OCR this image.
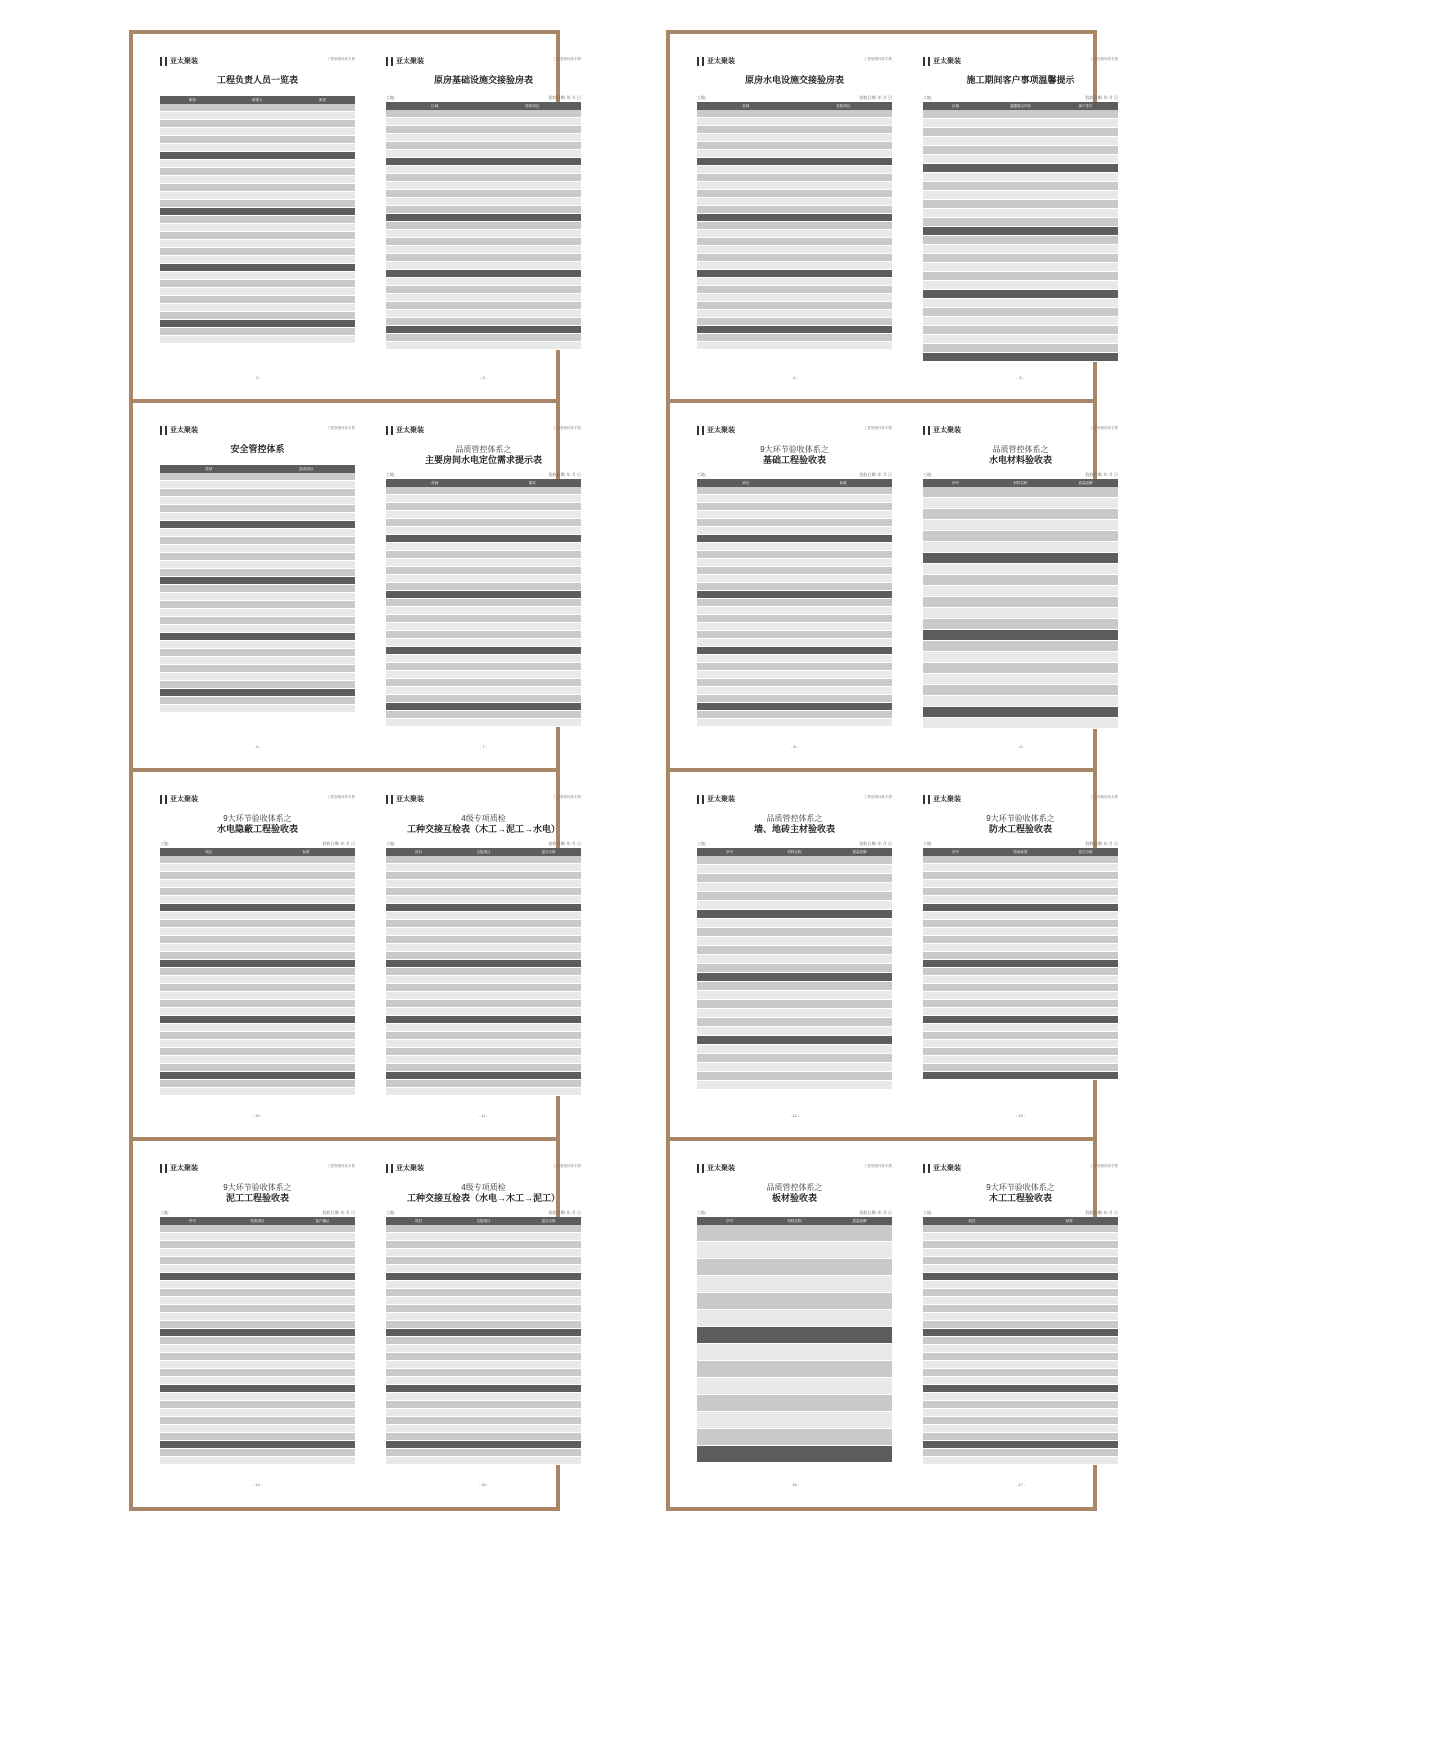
亚太聚装	工程管理体系手册
工程负责人员一览表
职务	联系人	职责
- 2 -
亚太聚装	工程管理体系手册
原房基础设施交接验房表
工地:	验收日期: 年 月 日
区域	验收项目
- 3 -
亚太聚装	工程管理体系手册
原房水电设施交接验房表
工地:	验收日期: 年 月 日
类别	验收项目
- 4 -
亚太聚装	工程管理体系手册
施工期间客户事项温馨提示
工地:	验收日期: 年 月 日
区域	温馨提示内容	客户签字
- 5 -
亚太聚装	工程管理体系手册
安全管控体系
类别	检查项目
- 6 -
亚太聚装	工程管理体系手册
品质管控体系之
主要房间水电定位需求提示表
工地:	验收日期: 年 月 日
房间	需求
- 7 -
亚太聚装	工程管理体系手册
9大环节验收体系之
基础工程验收表
工地:	验收日期: 年 月 日
项目	标准
- 8 -
亚太聚装	工程管理体系手册
品质管控体系之
水电材料验收表
工地:	验收日期: 年 月 日
序号	材料名称	质量品牌
- 9 -
亚太聚装	工程管理体系手册
9大环节验收体系之
水电隐蔽工程验收表
工地:	验收日期: 年 月 日
项目	标准
- 10 -
亚太聚装	工程管理体系手册
4级专项质检
工种交接互检表（木工→泥工→水电）
工地:	验收日期: 年 月 日
项目	交接项目	是否合格
- 11 -
亚太聚装	工程管理体系手册
品质管控体系之
墙、地砖主材验收表
工地:	验收日期: 年 月 日
序号	材料名称	质量品牌
- 12 -
亚太聚装	工程管理体系手册
9大环节验收体系之
防水工程验收表
工地:	验收日期: 年 月 日
序号	验收标准	是否合格
- 13 -
亚太聚装	工程管理体系手册
9大环节验收体系之
泥工工程验收表
工地:	验收日期: 年 月 日
序号	验收项目	客户确认
- 14 -
亚太聚装	工程管理体系手册
4级专项质检
工种交接互检表（水电→木工→泥工）
工地:	验收日期: 年 月 日
项目	交接项目	是否合格
- 15 -
亚太聚装	工程管理体系手册
品质管控体系之
板材验收表
工地:	验收日期: 年 月 日
序号	材料名称	质量品牌
- 16 -
亚太聚装	工程管理体系手册
9大环节验收体系之
木工工程验收表
工地:	验收日期: 年 月 日
项目	标准
- 17 -
